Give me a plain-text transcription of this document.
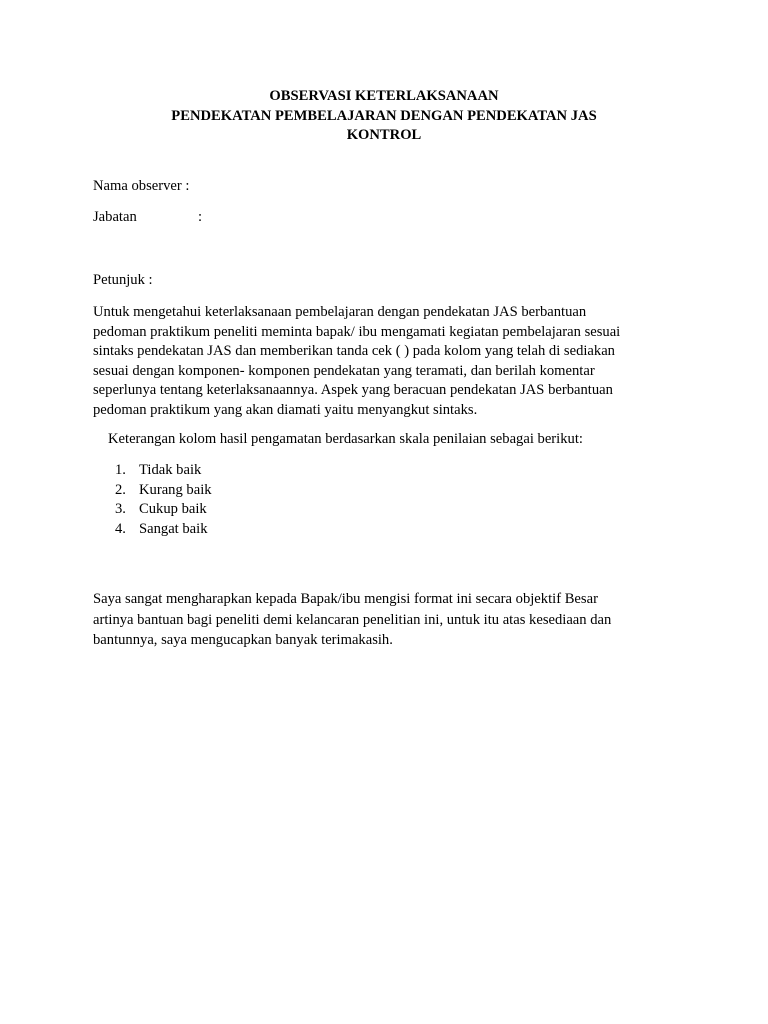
OBSERVASI KETERLAKSANAAN
PENDEKATAN PEMBELAJARAN DENGAN PENDEKATAN JAS
KONTROL
Nama observer :
Jabatan	:
Petunjuk :
Untuk mengetahui keterlaksanaan pembelajaran dengan pendekatan JAS berbantuan
pedoman praktikum peneliti meminta bapak/ ibu mengamati kegiatan pembelajaran sesuai
sintaks pendekatan JAS dan memberikan tanda cek ( ) pada kolom yang telah di sediakan
sesuai dengan komponen- komponen pendekatan yang teramati, dan berilah komentar
seperlunya tentang keterlaksanaannya. Aspek yang beracuan pendekatan JAS berbantuan
pedoman praktikum yang akan diamati yaitu menyangkut sintaks.
Keterangan kolom hasil pengamatan berdasarkan skala penilaian sebagai berikut:
1. Tidak baik
2. Kurang baik
3. Cukup baik
4. Sangat baik
Saya sangat mengharapkan kepada Bapak/ibu mengisi format ini secara objektif Besar
artinya bantuan bagi peneliti demi kelancaran penelitian ini, untuk itu atas kesediaan dan
bantunnya, saya mengucapkan banyak terimakasih.
